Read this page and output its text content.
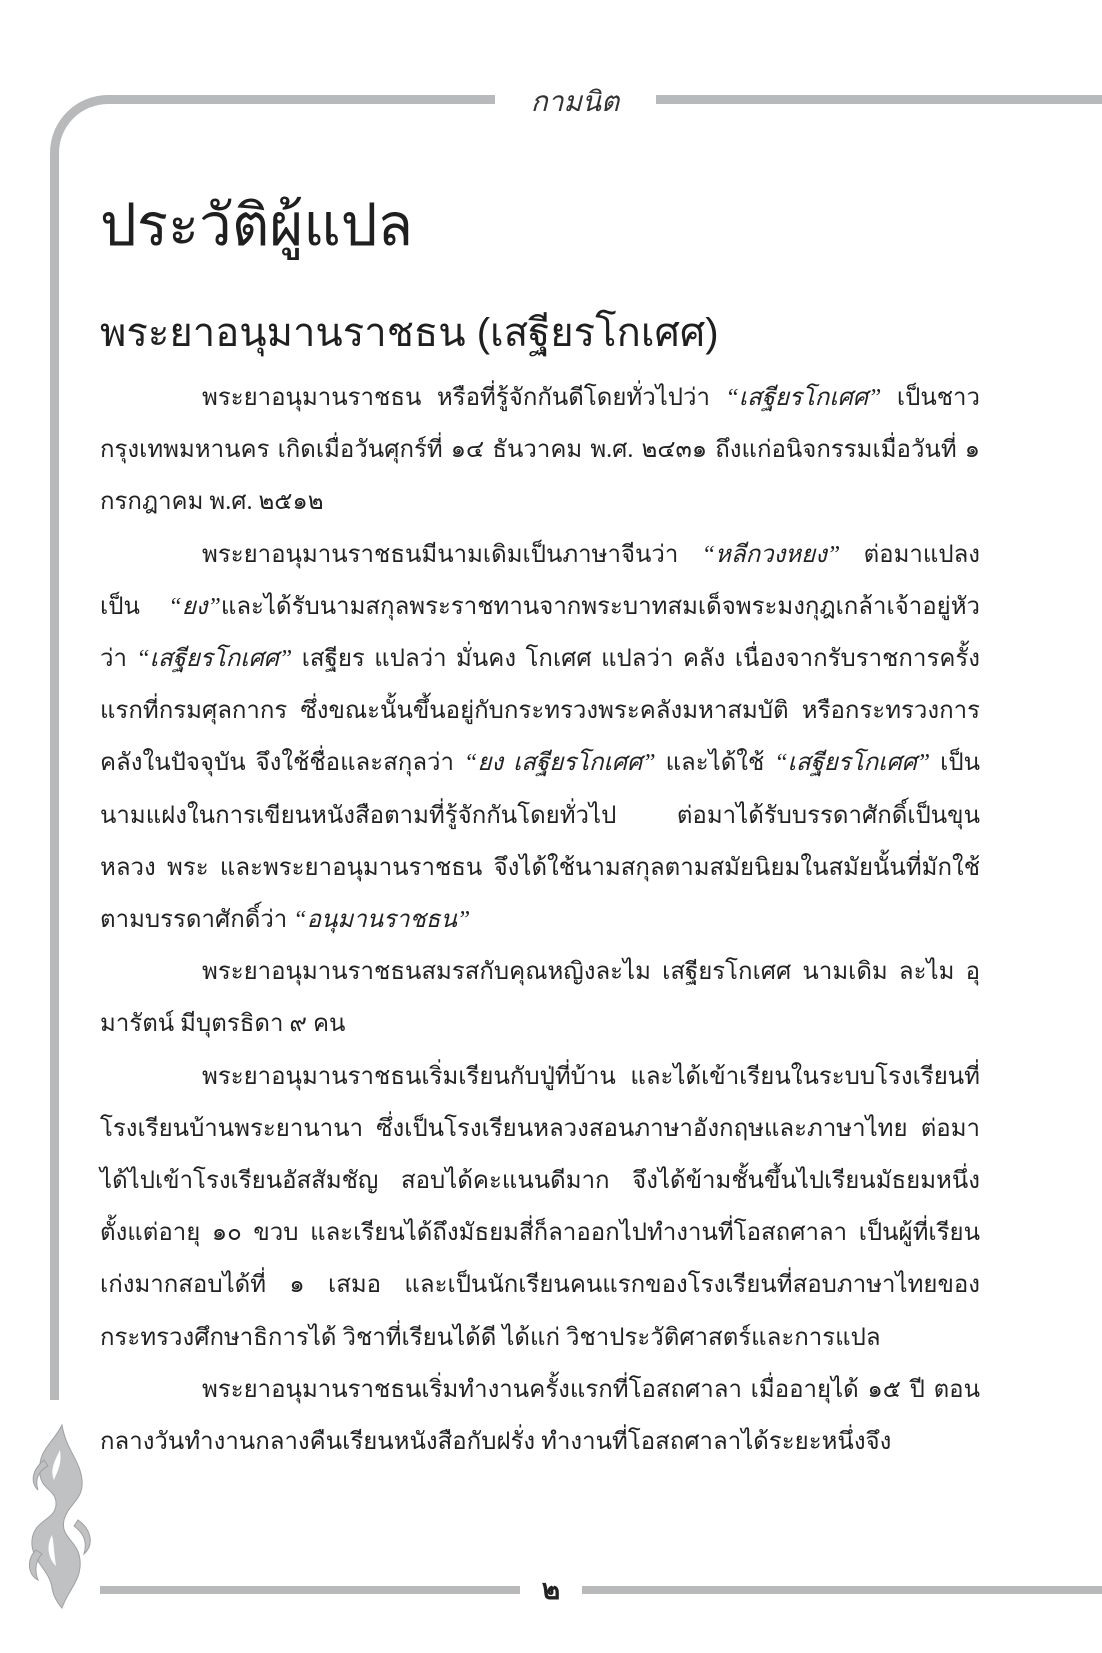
กามนิต
ประวัติผู้แปล
พระยาอนุมานราชธน (เสฐียรโกเศศ)

พระยาอนุมานราชธน หรือที่รู้จักกันดีโดยทั่วไปว่า “เสฐียรโกเศศ” เป็นชาวกรุงเทพมหานคร เกิดเมื่อวันศุกร์ที่ ๑๔ ธันวาคม พ.ศ. ๒๔๓๑ ถึงแก่อนิจกรรมเมื่อวันที่ ๑ กรกฎาคม พ.ศ. ๒๕๑๒

พระยาอนุมานราชธนมีนามเดิมเป็นภาษาจีนว่า “หลีกวงหยง” ต่อมาแปลงเป็น “ยง”และได้รับนามสกุลพระราชทานจากพระบาทสมเด็จพระมงกุฎเกล้าเจ้าอยู่หัวว่า “เสฐียรโกเศศ” เสฐียร แปลว่า มั่นคง โกเศศ แปลว่า คลัง เนื่องจากรับราชการครั้งแรกที่กรมศุลกากร ซึ่งขณะนั้นขึ้นอยู่กับกระทรวงพระคลังมหาสมบัติ หรือกระทรวงการคลังในปัจจุบัน จึงใช้ชื่อและสกุลว่า “ยง เสฐียรโกเศศ” และได้ใช้ “เสฐียรโกเศศ” เป็นนามแฝงในการเขียนหนังสือตามที่รู้จักกันโดยทั่วไป ต่อมาได้รับบรรดาศักดิ์เป็นขุน หลวง พระ และพระยาอนุมานราชธน จึงได้ใช้นามสกุลตามสมัยนิยมในสมัยนั้นที่มักใช้ตามบรรดาศักดิ์ว่า “อนุมานราชธน”

พระยาอนุมานราชธนสมรสกับคุณหญิงละไม เสฐียรโกเศศ นามเดิม ละไม อุมารัตน์ มีบุตรธิดา ๙ คน

พระยาอนุมานราชธนเริ่มเรียนกับปู่ที่บ้าน และได้เข้าเรียนในระบบโรงเรียนที่โรงเรียนบ้านพระยานานา ซึ่งเป็นโรงเรียนหลวงสอนภาษาอังกฤษและภาษาไทย ต่อมาได้ไปเข้าโรงเรียนอัสสัมชัญ สอบได้คะแนนดีมาก จึงได้ข้ามชั้นขึ้นไปเรียนมัธยมหนึ่ง ตั้งแต่อายุ ๑๐ ขวบ และเรียนได้ถึงมัธยมสี่ก็ลาออกไปทำงานที่โอสถศาลา เป็นผู้ที่เรียนเก่งมากสอบได้ที่ ๑ เสมอ และเป็นนักเรียนคนแรกของโรงเรียนที่สอบภาษาไทยของกระทรวงศึกษาธิการได้ วิชาที่เรียนได้ดี ได้แก่ วิชาประวัติศาสตร์และการแปล

พระยาอนุมานราชธนเริ่มทำงานครั้งแรกที่โอสถศาลา เมื่ออายุได้ ๑๕ ปี ตอนกลางวันทำงานกลางคืนเรียนหนังสือกับฝรั่ง ทำงานที่โอสถศาลาได้ระยะหนึ่งจึง

๒
